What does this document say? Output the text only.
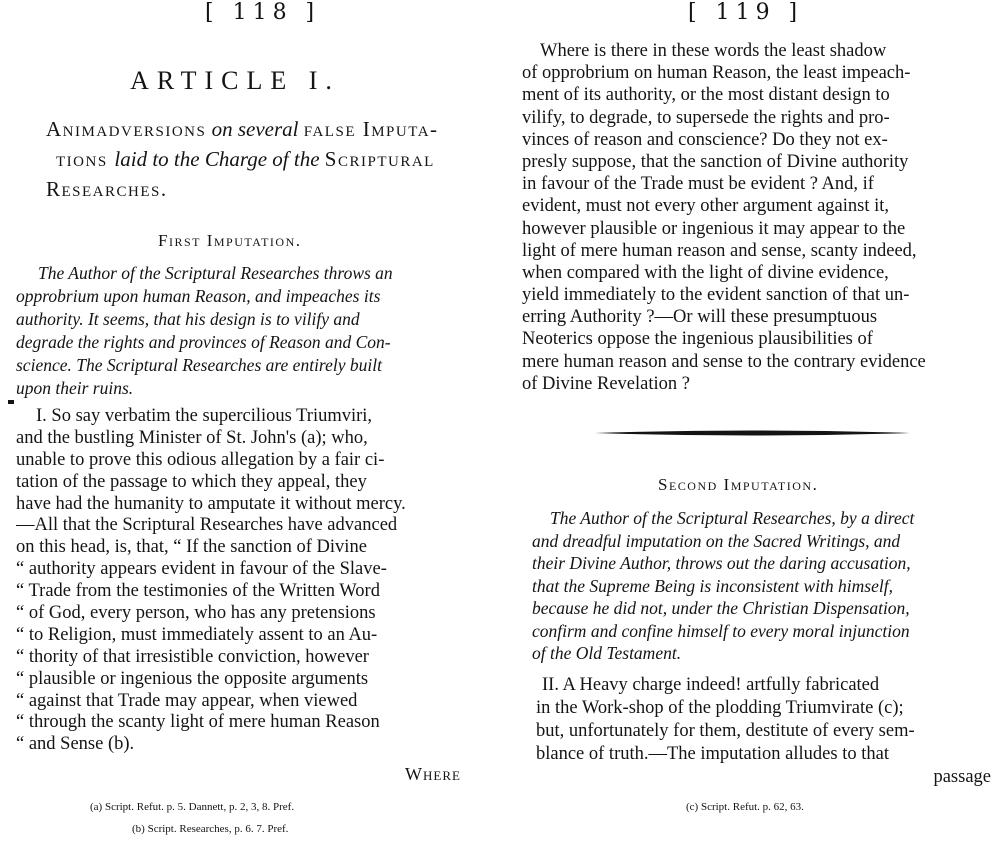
[ 118 ]
ARTICLE I.
Animadversions on several false Imputa-
tions laid to the Charge of the Scriptural
Researches.
First Imputation.
The Author of the Scriptural Researches throws an
opprobrium upon human Reason, and impeaches its
authority. It seems, that his design is to vilify and
degrade the rights and provinces of Reason and Con-
science. The Scriptural Researches are entirely built
upon their ruins.
I. So say verbatim the supercilious Triumviri,
and the bustling Minister of St. John's (a); who,
unable to prove this odious allegation by a fair ci-
tation of the passage to which they appeal, they
have had the humanity to amputate it without mercy.
—All that the Scriptural Researches have advanced
on this head, is, that, “ If the sanction of Divine
“ authority appears evident in favour of the Slave-
“ Trade from the testimonies of the Written Word
“ of God, every person, who has any pretensions
“ to Religion, must immediately assent to an Au-
“ thority of that irresistible conviction, however
“ plausible or ingenious the opposite arguments
“ against that Trade may appear, when viewed
“ through the scanty light of mere human Reason
“ and Sense (b).
Where
(a) Script. Refut. p. 5. Dannett, p. 2, 3, 8. Pref.
(b) Script. Researches, p. 6. 7. Pref.
[ 119 ]
Where is there in these words the least shadow
of opprobrium on human Reason, the least impeach-
ment of its authority, or the most distant design to
vilify, to degrade, to supersede the rights and pro-
vinces of reason and conscience? Do they not ex-
presly suppose, that the sanction of Divine authority
in favour of the Trade must be evident ? And, if
evident, must not every other argument against it,
however plausible or ingenious it may appear to the
light of mere human reason and sense, scanty indeed,
when compared with the light of divine evidence,
yield immediately to the evident sanction of that un-
erring Authority ?—Or will these presumptuous
Neoterics oppose the ingenious plausibilities of
mere human reason and sense to the contrary evidence
of Divine Revelation ?
Second Imputation.
The Author of the Scriptural Researches, by a direct
and dreadful imputation on the Sacred Writings, and
their Divine Author, throws out the daring accusation,
that the Supreme Being is inconsistent with himself,
because he did not, under the Christian Dispensation,
confirm and confine himself to every moral injunction
of the Old Testament.
II. A Heavy charge indeed! artfully fabricated
in the Work-shop of the plodding Triumvirate (c);
but, unfortunately for them, destitute of every sem-
blance of truth.—The imputation alludes to that
passage
(c) Script. Refut. p. 62, 63.
